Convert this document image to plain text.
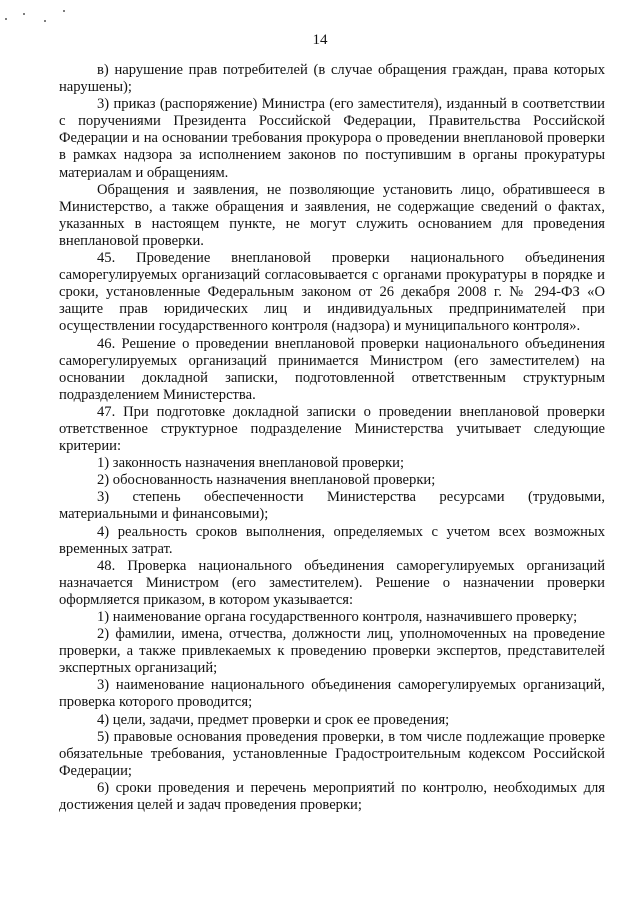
14

в) нарушение прав потребителей (в случае обращения граждан, права которых нарушены);

3) приказ (распоряжение) Министра (его заместителя), изданный в соответствии с поручениями Президента Российской Федерации, Правительства Российской Федерации и на основании требования прокурора о проведении внеплановой проверки в рамках надзора за исполнением законов по поступившим в органы прокуратуры материалам и обращениям.

Обращения и заявления, не позволяющие установить лицо, обратившееся в Министерство, а также обращения и заявления, не содержащие сведений о фактах, указанных в настоящем пункте, не могут служить основанием для проведения внеплановой проверки.

45. Проведение внеплановой проверки национального объединения саморегулируемых организаций согласовывается с органами прокуратуры в порядке и сроки, установленные Федеральным законом от 26 декабря 2008 г. № 294-ФЗ «О защите прав юридических лиц и индивидуальных предпринимателей при осуществлении государственного контроля (надзора) и муниципального контроля».

46. Решение о проведении внеплановой проверки национального объединения саморегулируемых организаций принимается Министром (его заместителем) на основании докладной записки, подготовленной ответственным структурным подразделением Министерства.

47. При подготовке докладной записки о проведении внеплановой проверки ответственное структурное подразделение Министерства учитывает следующие критерии:

1) законность назначения внеплановой проверки;

2) обоснованность назначения внеплановой проверки;

3) степень обеспеченности Министерства ресурсами (трудовыми, материальными и финансовыми);

4) реальность сроков выполнения, определяемых с учетом всех возможных временных затрат.

48. Проверка национального объединения саморегулируемых организаций назначается Министром (его заместителем). Решение о назначении проверки оформляется приказом, в котором указывается:

1) наименование органа государственного контроля, назначившего проверку;

2) фамилии, имена, отчества, должности лиц, уполномоченных на проведение проверки, а также привлекаемых к проведению проверки экспертов, представителей экспертных организаций;

3) наименование национального объединения саморегулируемых организаций, проверка которого проводится;

4) цели, задачи, предмет проверки и срок ее проведения;

5) правовые основания проведения проверки, в том числе подлежащие проверке обязательные требования, установленные Градостроительным кодексом Российской Федерации;

6) сроки проведения и перечень мероприятий по контролю, необходимых для достижения целей и задач проведения проверки;
